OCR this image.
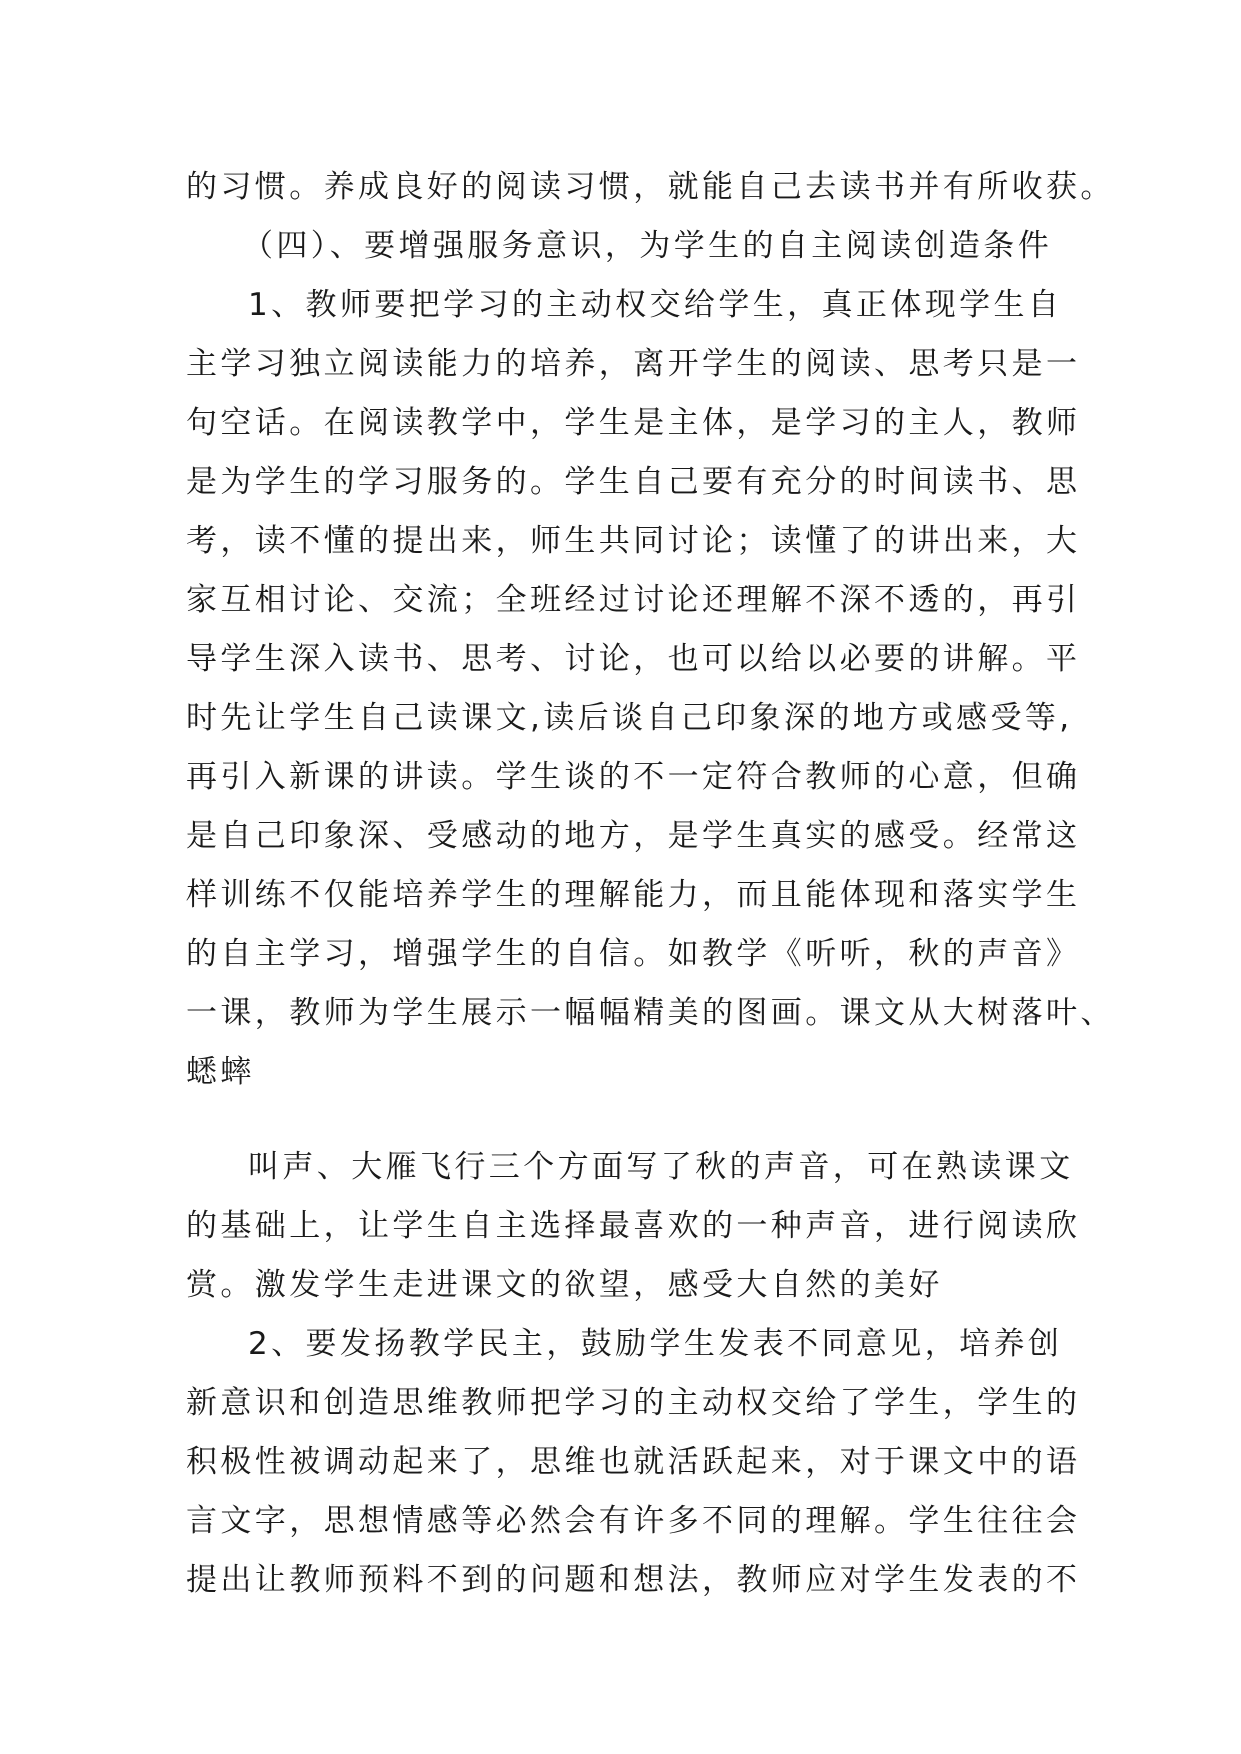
的习惯。养成良好的阅读习惯，就能自己去读书并有所收获。
（四）、要增强服务意识，为学生的自主阅读创造条件
1、教师要把学习的主动权交给学生，真正体现学生自
主学习独立阅读能力的培养，离开学生的阅读、思考只是一
句空话。在阅读教学中，学生是主体，是学习的主人，教师
是为学生的学习服务的。学生自己要有充分的时间读书、思
考，读不懂的提出来，师生共同讨论；读懂了的讲出来，大
家互相讨论、交流；全班经过讨论还理解不深不透的，再引
导学生深入读书、思考、讨论，也可以给以必要的讲解。平
时先让学生自己读课文,读后谈自己印象深的地方或感受等,
再引入新课的讲读。学生谈的不一定符合教师的心意，但确
是自己印象深、受感动的地方，是学生真实的感受。经常这
样训练不仅能培养学生的理解能力，而且能体现和落实学生
的自主学习，增强学生的自信。如教学《听听，秋的声音》
一课，教师为学生展示一幅幅精美的图画。课文从大树落叶、
蟋蟀
叫声、大雁飞行三个方面写了秋的声音，可在熟读课文
的基础上，让学生自主选择最喜欢的一种声音，进行阅读欣
赏。激发学生走进课文的欲望，感受大自然的美好
2、要发扬教学民主，鼓励学生发表不同意见，培养创
新意识和创造思维教师把学习的主动权交给了学生，学生的
积极性被调动起来了，思维也就活跃起来，对于课文中的语
言文字，思想情感等必然会有许多不同的理解。学生往往会
提出让教师预料不到的问题和想法，教师应对学生发表的不
